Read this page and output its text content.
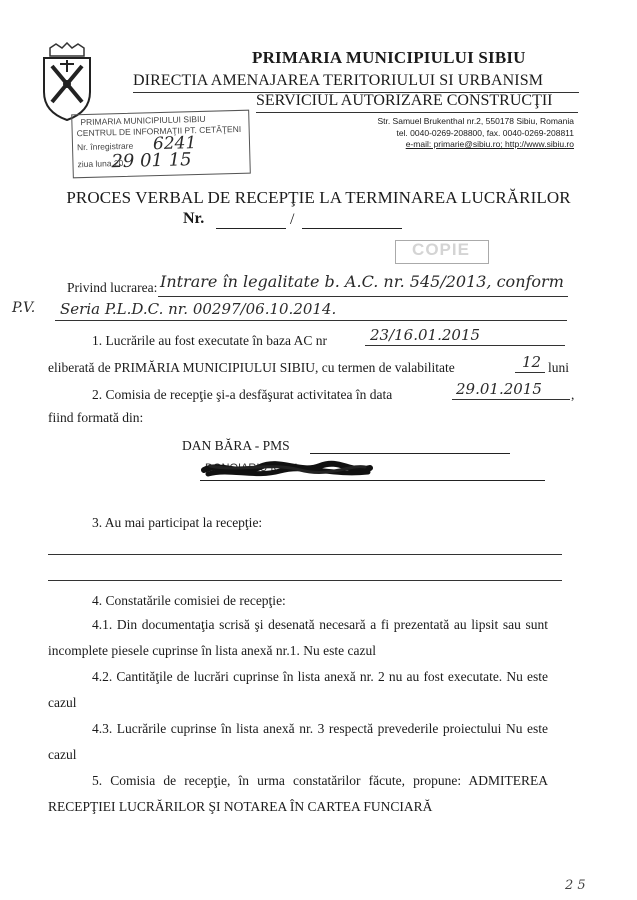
PRIMARIA MUNICIPIULUI SIBIU
DIRECTIA AMENAJAREA TERITORIULUI SI URBANISM
SERVICIUL AUTORIZARE CONSTRUCŢII
Str. Samuel Brukenthal nr.2, 550178 Sibiu, Romania
tel. 0040-0269-208800, fax. 0040-0269-208811
e-mail: primarie@sibiu.ro; http://www.sibiu.ro
PRIMARIA MUNICIPIULUI SIBIU
CENTRUL DE INFORMAŢII PT. CETĂŢENI
Nr. înregistrare
ziua luna 20
6241
29 01 15
PROCES VERBAL DE RECEPŢIE LA TERMINAREA LUCRĂRILOR
Nr.	/
COPIE
Privind lucrarea: Intrare în legalitate b. A.C. nr. 545/2013, conform
P.V. Seria P.L.D.C. nr. 00297/06.10.2014.
1. Lucrările au fost executate în baza AC nr	23/16.01.2015
eliberată de PRIMĂRIA MUNICIPIULUI SIBIU, cu termen de valabilitate	12 luni
2. Comisia de recepţie şi-a desfăşurat activitatea în data	29.01.2015 ,
fiind formată din:
DAN BĂRA - PMS
DONOIARIU IOAN
3. Au mai participat la recepţie:
4. Constatările comisiei de recepţie:
4.1. Din documentaţia scrisă şi desenată necesară a fi prezentată au lipsit sau sunt incomplete piesele cuprinse în lista anexă nr.1. Nu este cazul
4.2. Cantităţile de lucrări cuprinse în lista anexă nr. 2 nu au fost executate. Nu este cazul
4.3. Lucrările cuprinse în lista anexă nr. 3 respectă prevederile proiectului Nu este cazul
5. Comisia de recepţie, în urma constatărilor făcute, propune: ADMITEREA RECEPŢIEI LUCRĂRILOR ŞI NOTAREA ÎN CARTEA FUNCIARĂ
2 5
